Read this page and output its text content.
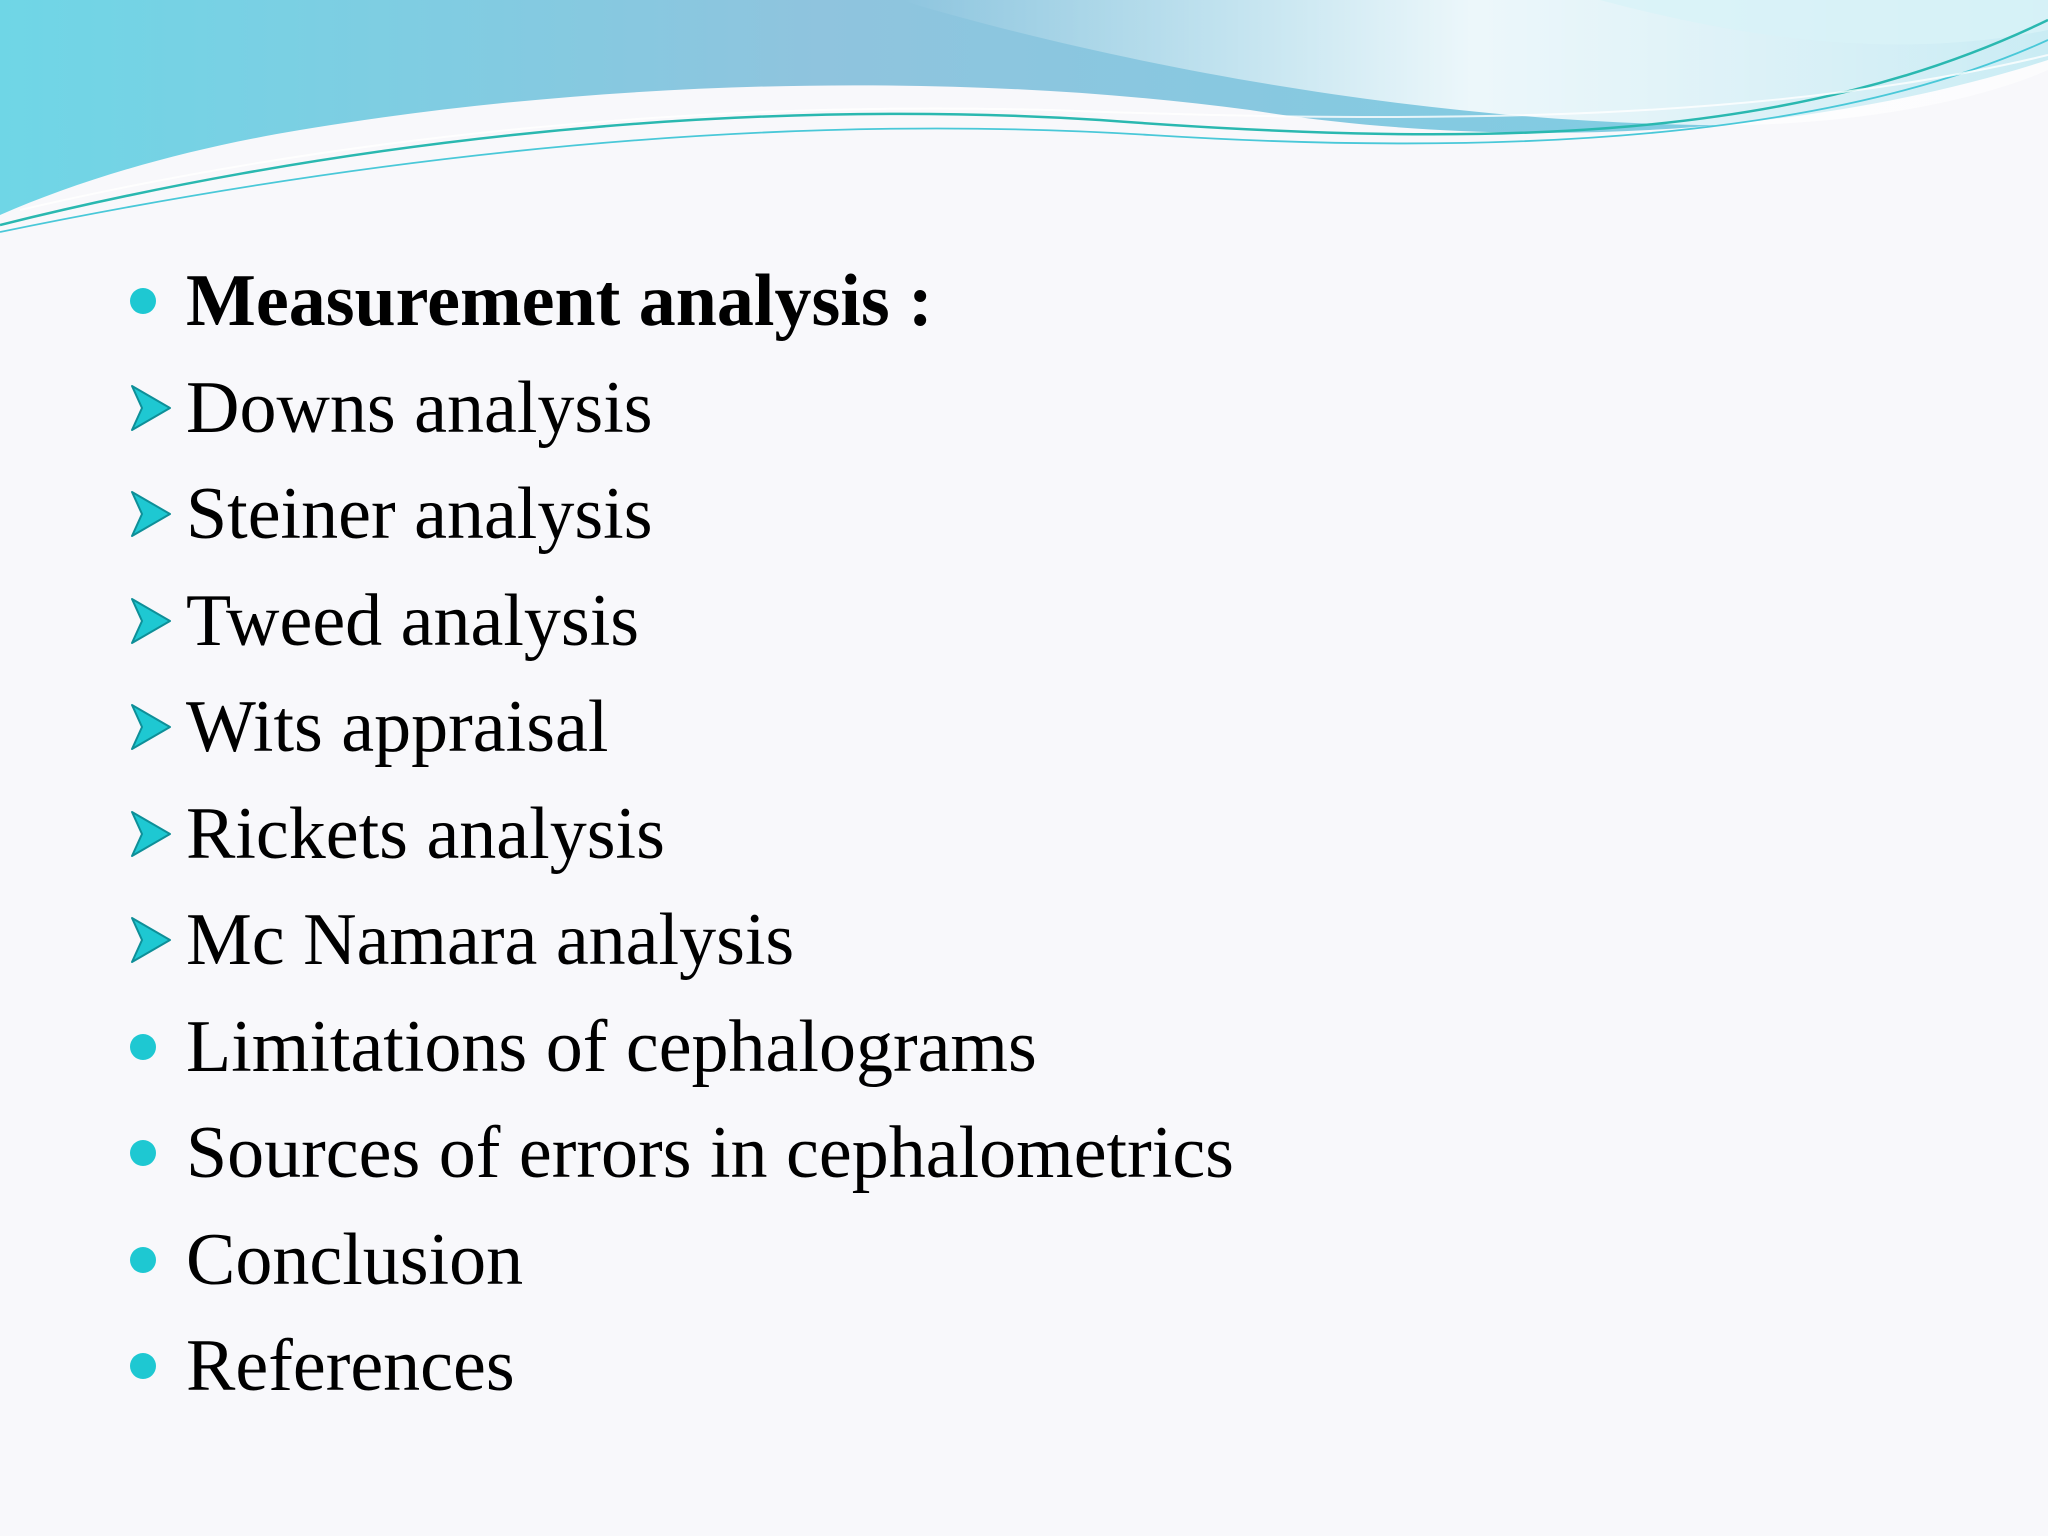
Measurement analysis :
Downs analysis
Steiner analysis
Tweed analysis
Wits appraisal
Rickets analysis
Mc Namara analysis
Limitations of cephalograms
Sources of errors in cephalometrics
Conclusion
References
